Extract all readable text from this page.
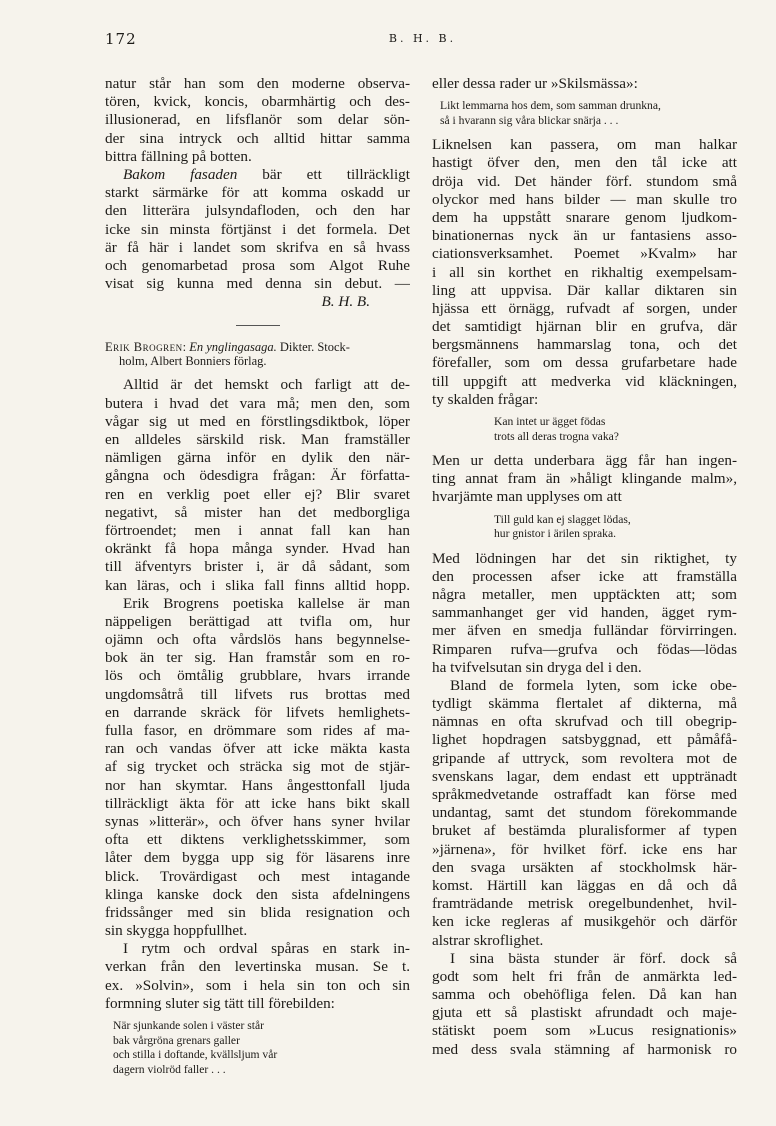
172	B. H. B.
natur står han som den moderne observa-
tören, kvick, koncis, obarmhärtig och des-
illusionerad, en lifsflanör som delar sön-
der sina intryck och alltid hittar samma
bittra fällning på botten.
Bakom fasaden bär ett tillräckligt
starkt särmärke för att komma oskadd ur
den litterära julsyndafloden, och den har
icke sin minsta förtjänst i det formela. Det
är få här i landet som skrifva en så hvass
och genomarbetad prosa som Algot Ruhe
visat sig kunna med denna sin debut. —
B. H. B.
Erik Brogren: En ynglingasaga. Dikter. Stock-
holm, Albert Bonniers förlag.
Alltid är det hemskt och farligt att de-
butera i hvad det vara må; men den, som
vågar sig ut med en förstlingsdiktbok, löper
en alldeles särskild risk. Man framställer
nämligen gärna inför en dylik den när-
gångna och ödesdigra frågan: Är författa-
ren en verklig poet eller ej? Blir svaret
negativt, så mister han det medborgliga
förtroendet; men i annat fall kan han
okränkt få hopa många synder. Hvad han
till äfventyrs brister i, är då sådant, som
kan läras, och i slika fall finns alltid hopp.
Erik Brogrens poetiska kallelse är man
näppeligen berättigad att tvifla om, hur
ojämn och ofta vårdslös hans begynnelse-
bok än ter sig. Han framstår som en ro-
lös och ömtålig grubblare, hvars irrande
ungdomsåtrå till lifvets rus brottas med
en darrande skräck för lifvets hemlighets-
fulla fasor, en drömmare som rides af ma-
ran och vandas öfver att icke mäkta kasta
af sig trycket och sträcka sig mot de stjär-
nor han skymtar. Hans ångesttonfall ljuda
tillräckligt äkta för att icke hans bikt skall
synas »litterär», och öfver hans syner hvilar
ofta ett diktens verklighetsskimmer, som
låter dem bygga upp sig för läsarens inre
blick. Trovärdigast och mest intagande
klinga kanske dock den sista afdelningens
fridssånger med sin blida resignation och
sin skygga hoppfullhet.
I rytm och ordval spåras en stark in-
verkan från den levertinska musan. Se t.
ex. »Solvin», som i hela sin ton och sin
formning sluter sig tätt till förebilden:
När sjunkande solen i väster står
bak vårgröna grenars galler
och stilla i doftande, kvällsljum vår
dagern violröd faller . . .
eller dessa rader ur »Skilsmässa»:
Likt lemmarna hos dem, som samman drunkna,
så i hvarann sig våra blickar snärja . . .
Liknelsen kan passera, om man halkar
hastigt öfver den, men den tål icke att
dröja vid. Det händer förf. stundom små
olyckor med hans bilder — man skulle tro
dem ha uppstått snarare genom ljudkom-
binationernas nyck än ur fantasiens asso-
ciationsverksamhet. Poemet »Kvalm» har
i all sin korthet en rikhaltig exempelsam-
ling att uppvisa. Där kallar diktaren sin
hjässa ett örnägg, rufvadt af sorgen, under
det samtidigt hjärnan blir en grufva, där
bergsmännens hammarslag tona, och det
förefaller, som om dessa grufarbetare hade
till uppgift att medverka vid kläckningen,
ty skalden frågar:
Kan intet ur ägget födas
trots all deras trogna vaka?
Men ur detta underbara ägg får han ingen-
ting annat fram än »håligt klingande malm»,
hvarjämte man upplyses om att
Till guld kan ej slagget lödas,
hur gnistor i ärilen spraka.
Med lödningen har det sin riktighet, ty
den processen afser icke att framställa
några metaller, men upptäckten att; som
sammanhanget ger vid handen, ägget rym-
mer äfven en smedja fulländar förvirringen.
Rimparen rufva—grufva och födas—lödas
ha tvifvelsutan sin dryga del i den.
Bland de formela lyten, som icke obe-
tydligt skämma flertalet af dikterna, må
nämnas en ofta skrufvad och till obegrip-
lighet hopdragen satsbyggnad, ett påmåfå-
gripande af uttryck, som revoltera mot de
svenskans lagar, dem endast ett upptränadt
språkmedvetande ostraffadt kan förse med
undantag, samt det stundom förekommande
bruket af bestämda pluralisformer af typen
»järnena», för hvilket förf. icke ens har
den svaga ursäkten af stockholmsk här-
komst. Härtill kan läggas en då och då
framträdande metrisk oregelbundenhet, hvil-
ken icke regleras af musikgehör och därför
alstrar skroflighet.
I sina bästa stunder är förf. dock så
godt som helt fri från de anmärkta led-
samma och obehöfliga felen. Då kan han
gjuta ett så plastiskt afrundadt och maje-
stätiskt poem som »Lucus resignationis»
med dess svala stämning af harmonisk ro
